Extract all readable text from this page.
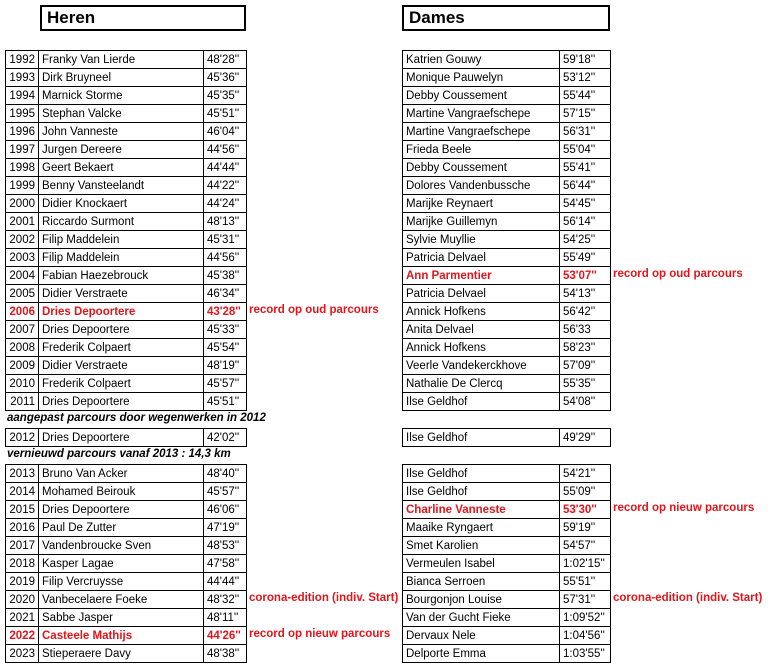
Heren	Dames
1992	Franky Van Lierde	48'28''
1993	Dirk Bruyneel	45'36''
1994	Marnick Storme	45'35''
1995	Stephan Valcke	45'51''
1996	John Vanneste	46'04''
1997	Jurgen Dereere	44'56''
1998	Geert Bekaert	44'44''
1999	Benny Vansteelandt	44'22''
2000	Didier Knockaert	44'24''
2001	Riccardo Surmont	48'13''
2002	Filip Maddelein	45'31''
2003	Filip Maddelein	44'56''
2004	Fabian Haezebrouck	45'38''
2005	Didier Verstraete	46'34''
2006	Dries Depoortere	43'28''
2007	Dries Depoortere	45'33''
2008	Frederik Colpaert	45'54''
2009	Didier Verstraete	48'19''
2010	Frederik Colpaert	45'57''
2011	Dries Depoortere	45'51''
2012	Dries Depoortere	42'02''
2013	Bruno Van Acker	48'40''
2014	Mohamed Beirouk	45'57''
2015	Dries Depoortere	46'06''
2016	Paul De Zutter	47'19''
2017	Vandenbroucke Sven	48'53''
2018	Kasper Lagae	47'58''
2019	Filip Vercruysse	44'44''
2020	Vanbecelaere Foeke	48'32''
2021	Sabbe Jasper	48'11''
2022	Casteele Mathijs	44'26''
2023	Stieperaere Davy	48'38''
Katrien Gouwy	59'18''
Monique Pauwelyn	53'12''
Debby Coussement	55'44''
Martine Vangraefschepe	57'15''
Martine Vangraefschepe	56'31''
Frieda Beele	55'04''
Debby Coussement	55'41''
Dolores Vandenbussche	56'44''
Marijke Reynaert	54'45''
Marijke Guillemyn	56'14''
Sylvie Muyllie	54'25''
Patricia Delvael	55'49''
Ann Parmentier	53'07''
Patricia Delvael	54'13''
Annick Hofkens	56'42''
Anita Delvael	56'33
Annick Hofkens	58'23''
Veerle Vandekerckhove	57'09''
Nathalie De Clercq	55'35''
Ilse Geldhof	54'08''
Ilse Geldhof	49'29''
Ilse Geldhof	54'21''
Ilse Geldhof	55'09''
Charline Vanneste	53'30''
Maaike Ryngaert	59'19''
Smet Karolien	54'57''
Vermeulen Isabel	1:02'15''
Bianca Serroen	55'51''
Bourgonjon Louise	57'31''
Van der Gucht Fieke	1:09'52''
Dervaux Nele	1:04'56''
Delporte Emma	1:03'55''
aangepast parcours door wegenwerken in 2012
vernieuwd parcours vanaf 2013 : 14,3 km
record op oud parcours
corona-edition (indiv. Start)
record op nieuw parcours
record op oud parcours
record op nieuw parcours
corona-edition (indiv. Start)
